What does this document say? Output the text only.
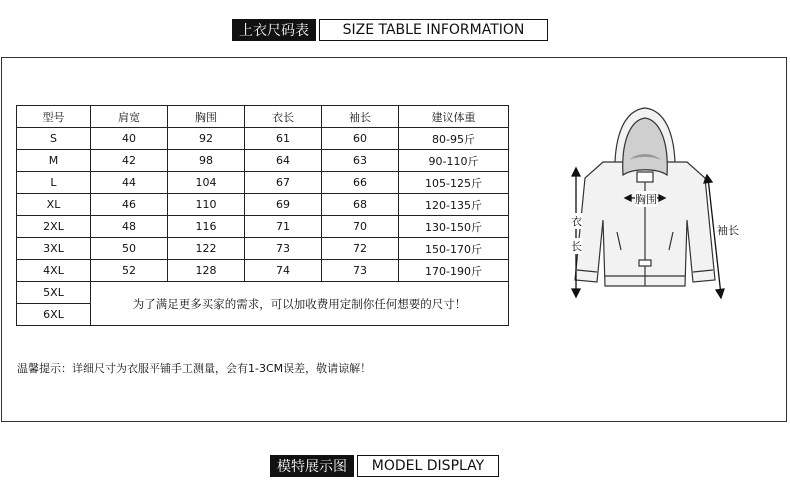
上衣尺码表	SIZE TABLE INFORMATION
型号	肩宽	胸围	衣长	袖长	建议体重
S	40	92	61	60	80-95斤
M	42	98	64	63	90-110斤
L	44	104	67	66	105-125斤
XL	46	110	69	68	120-135斤
2XL	48	116	71	70	130-150斤
3XL	50	122	73	72	150-170斤
4XL	52	128	74	73	170-190斤
5XL	为了满足更多买家的需求，可以加收费用定制你任何想要的尺寸！				
6XL					
温馨提示：详细尺寸为衣服平铺手工测量，会有1-3CM误差，敬请谅解！
衣
长
胸围
袖长
模特展示图	MODEL DISPLAY
